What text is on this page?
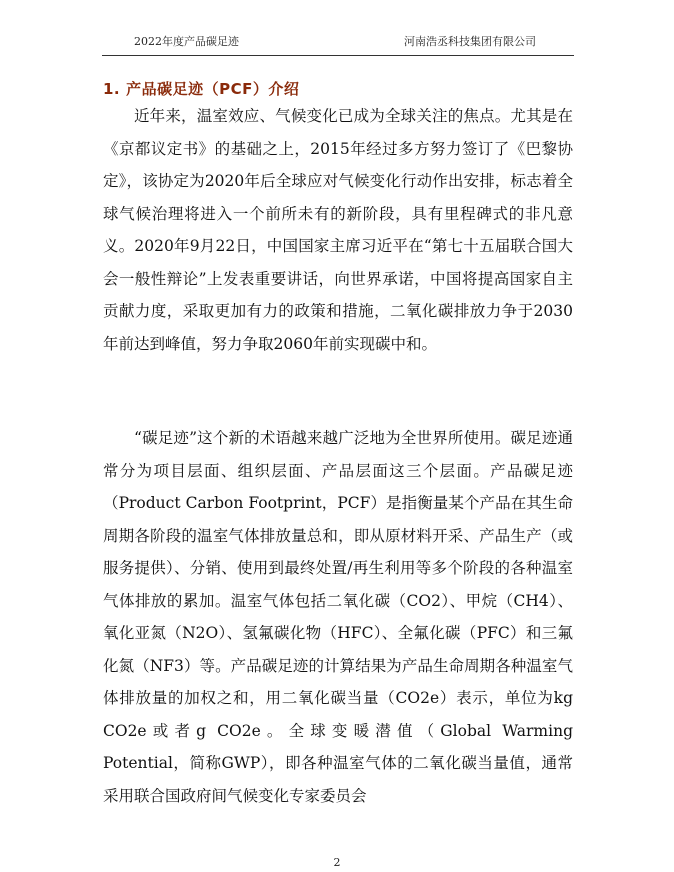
2022年度产品碳足迹	河南浩丞科技集团有限公司
1. 产品碳足迹（PCF）介绍

近年来，温室效应、气候变化已成为全球关注的焦点。尤其是在《京都议定书》的基础之上，2015年经过多方努力签订了《巴黎协定》，该协定为2020年后全球应对气候变化行动作出安排，标志着全球气候治理将进入一个前所未有的新阶段，具有里程碑式的非凡意义。2020年9月22日，中国国家主席习近平在“第七十五届联合国大会一般性辩论”上发表重要讲话，向世界承诺，中国将提高国家自主贡献力度，采取更加有力的政策和措施，二氧化碳排放力争于2030年前达到峰值，努力争取2060年前实现碳中和。

“碳足迹”这个新的术语越来越广泛地为全世界所使用。碳足迹通常分为项目层面、组织层面、产品层面这三个层面。产品碳足迹（Product Carbon Footprint，PCF）是指衡量某个产品在其生命周期各阶段的温室气体排放量总和，即从原材料开采、产品生产（或服务提供）、分销、使用到最终处置/再生利用等多个阶段的各种温室气体排放的累加。温室气体包括二氧化碳（CO2）、甲烷（CH4）、氧化亚氮（N2O）、氢氟碳化物（HFC）、全氟化碳（PFC）和三氟化氮（NF3）等。产品碳足迹的计算结果为产品生命周期各种温室气体排放量的加权之和，用二氧化碳当量（CO2e）表示，单位为kg CO2e或者g CO2e。全球变暖潜值（Global Warming Potential，简称GWP），即各种温室气体的二氧化碳当量值，通常采用联合国政府间气候变化专家委员会

2
